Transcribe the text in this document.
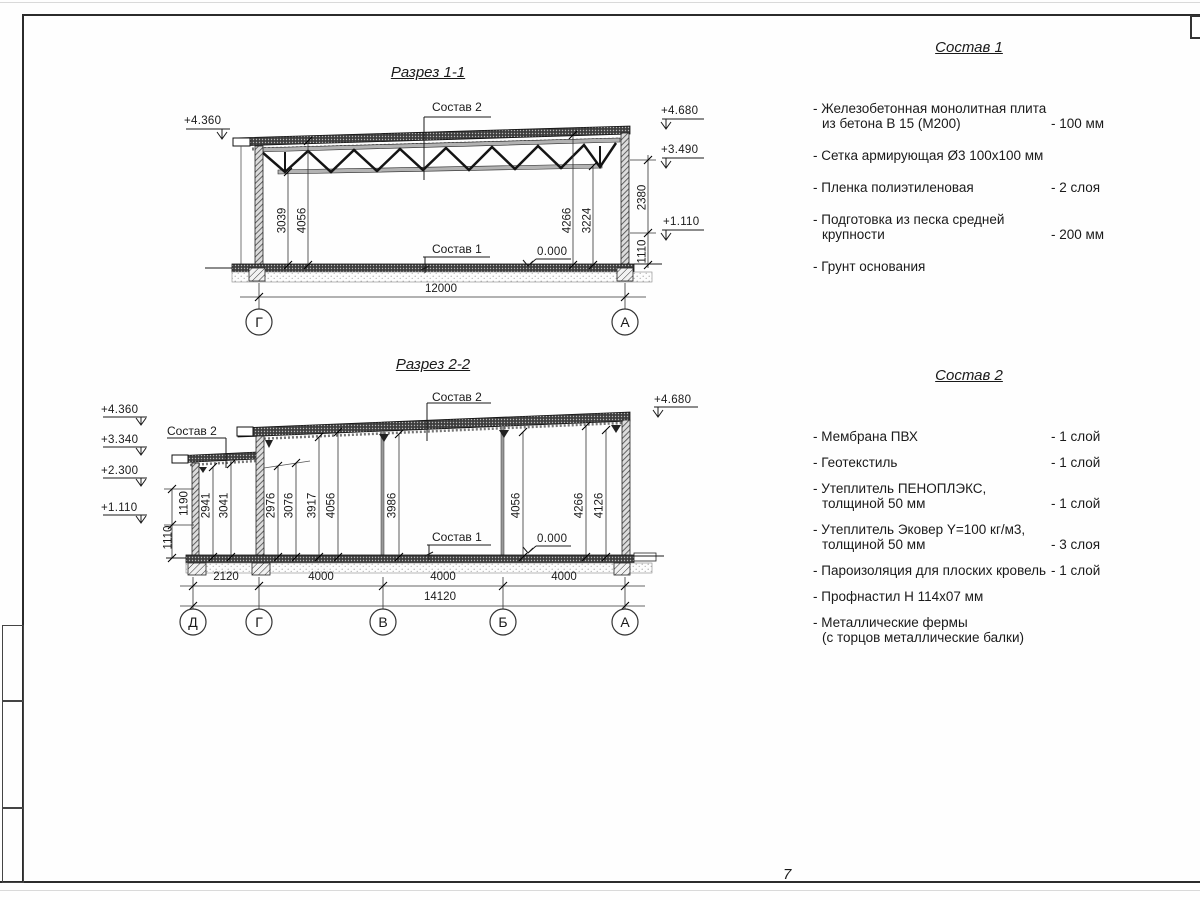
7
Разрез 1-1
Состав 2
Состав 1
+4.360
+4.680
+3.490
+1.110
0.000
3039 4056	4266 3224
2380
1110
12000
Г	А
Разрез 2-2
Состав 2
Состав 2
Состав 1	0.000
+4.360
+3.340
+2.300
+1.110
+4.680
1190
1110
2941 3041	2976 3076 3917 4056	3986	4056	4266 4126
2120	4000	4000	4000
14120
Д	Г	В	Б	А
Состав 1
- Железобетонная монолитная плита
из бетона В 15 (М200)	- 100 мм
- Сетка армирующая Ø3 100х100 мм
- Пленка полиэтиленовая	- 2 слоя
- Подготовка из песка средней
крупности	- 200 мм
- Грунт основания
Состав 2
- Мембрана ПВХ	- 1 слой
- Геотекстиль	- 1 слой
- Утеплитель ПЕНОПЛЭКС,
толщиной 50 мм	- 1 слой
- Утеплитель Эковер Y=100 кг/м3,
толщиной 50 мм	- 3 слоя
- Пароизоляция для плоских кровель - 1 слой
- Профнастил Н 114х07 мм
- Металлические фермы
(с торцов металлические балки)
